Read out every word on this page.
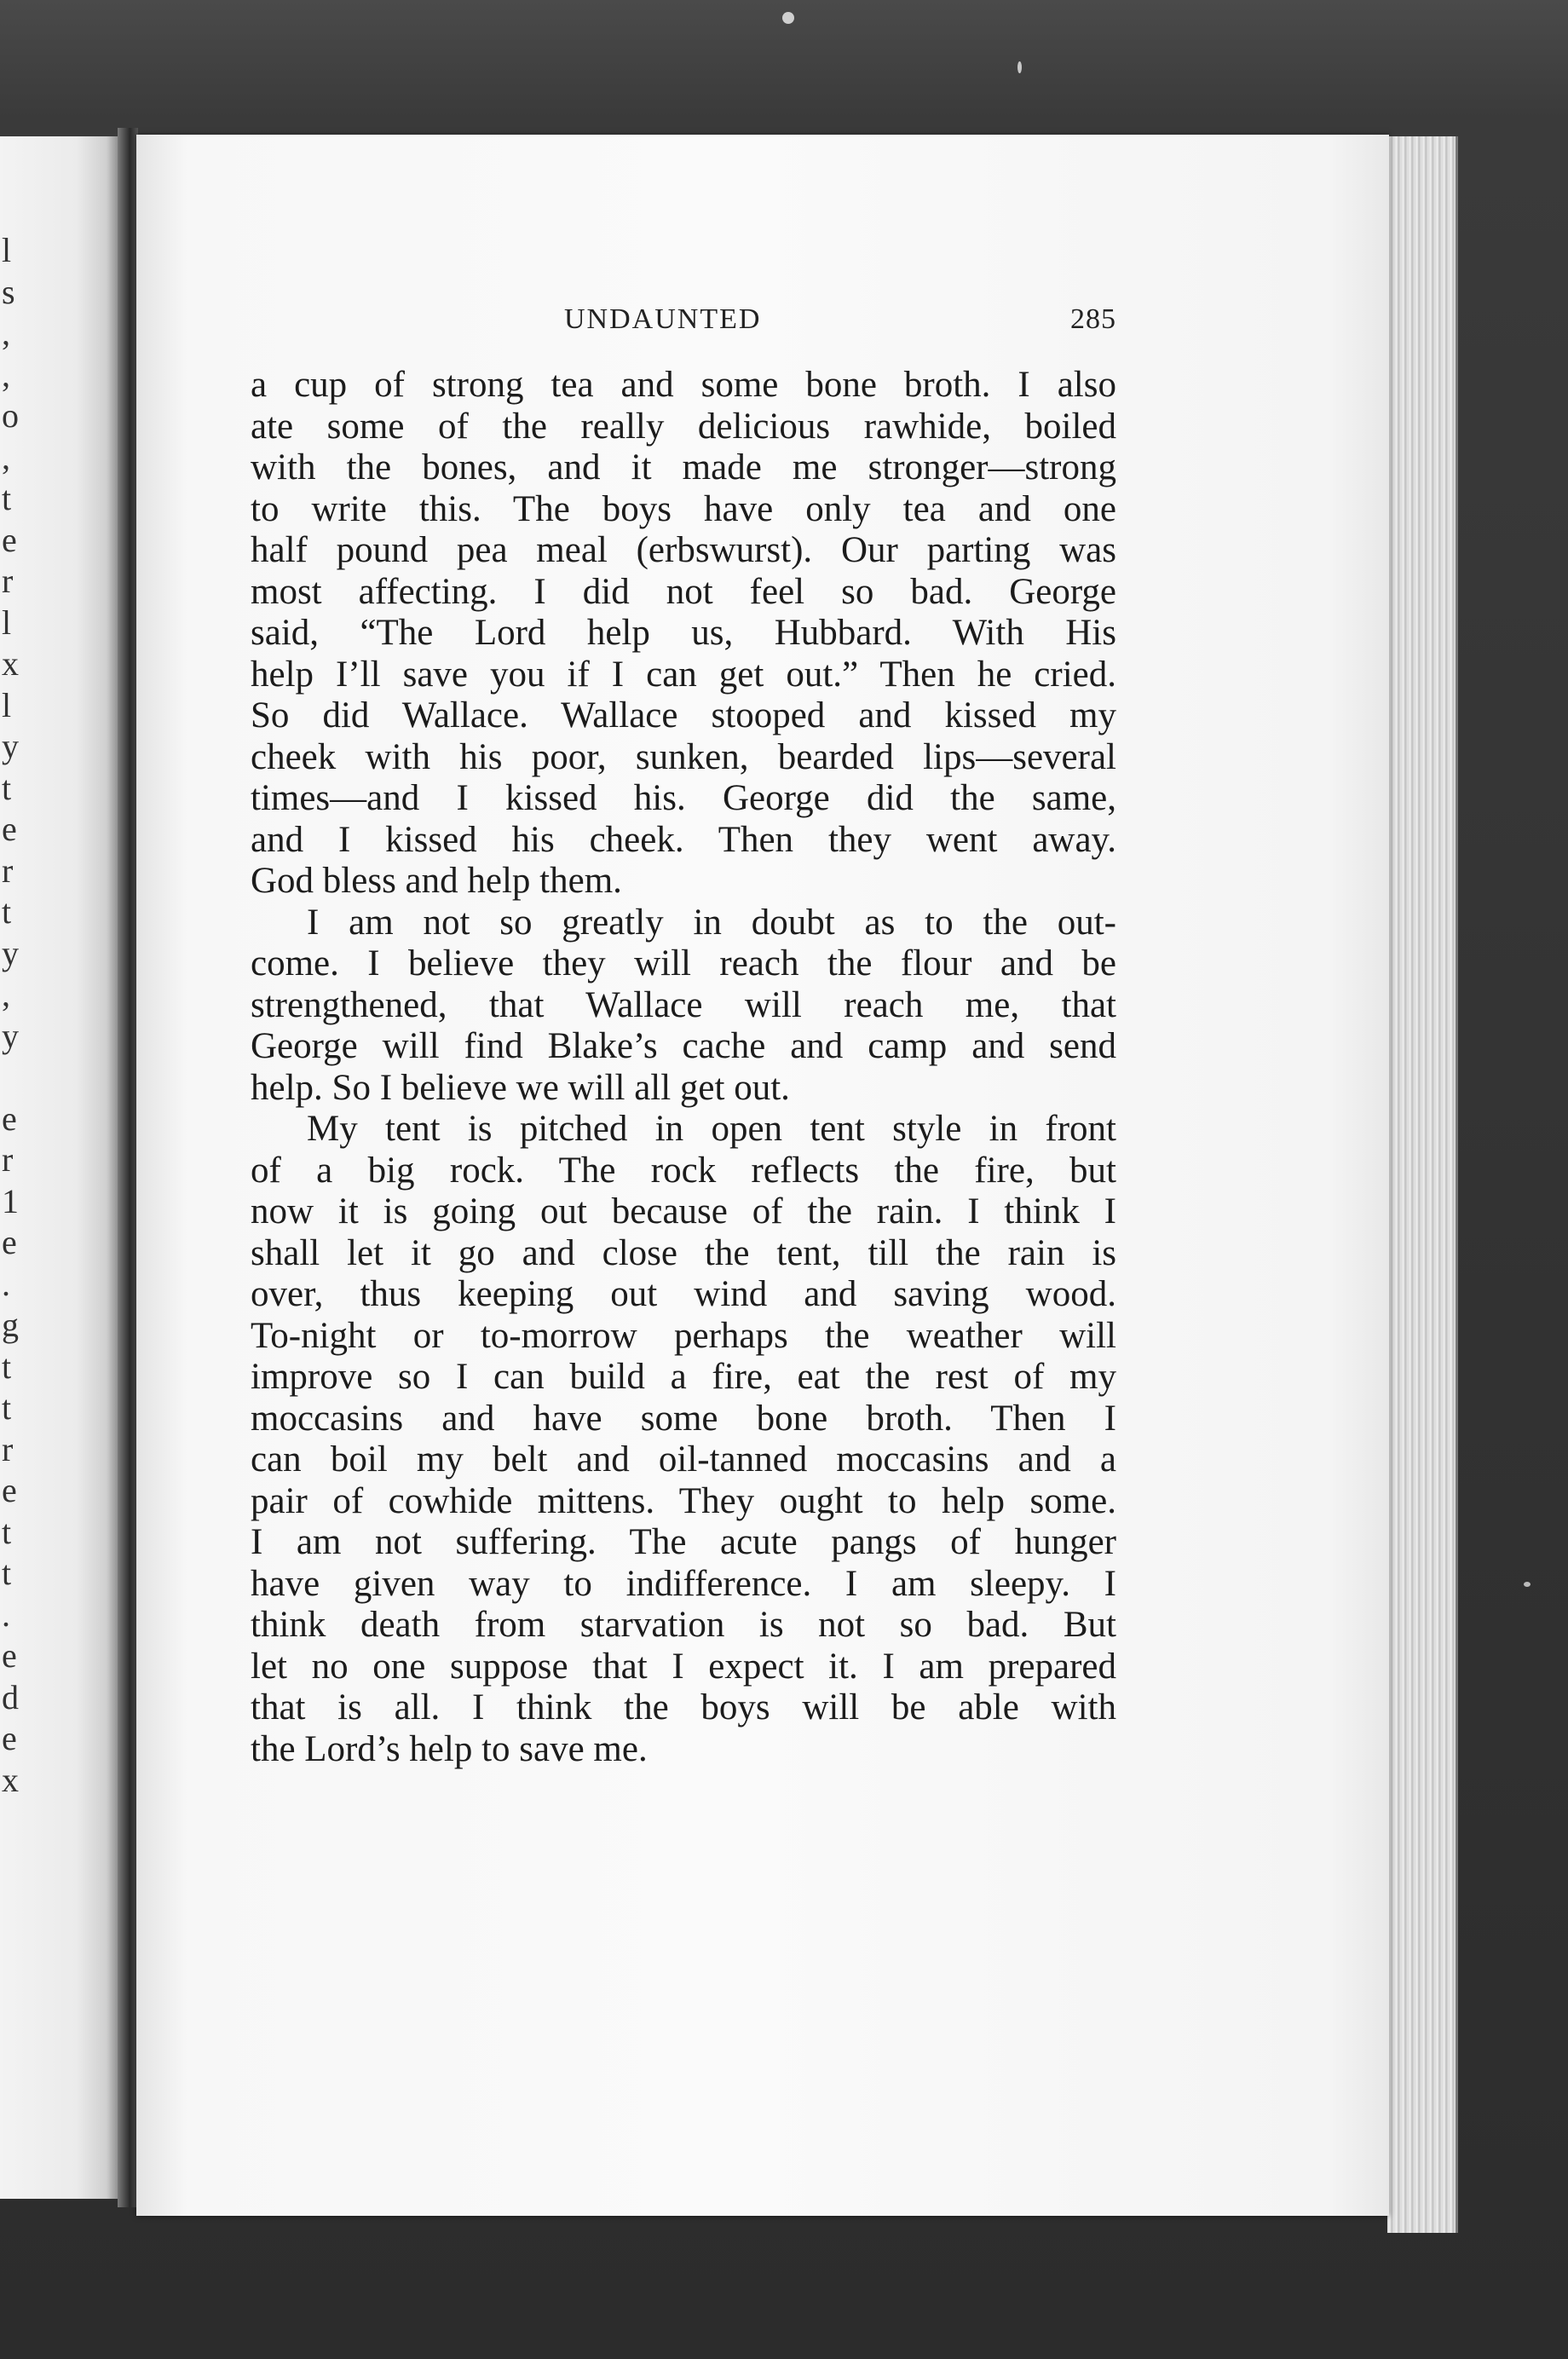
l
s
,
,
o
,
t
e
r
l
x
l
y
t
e
r
t
y
,
y
e
r
1
e
.
g
t
t
r
e
t
t
.
e
d
e
x
UNDAUNTED	285
a cup of strong tea and some bone broth. I also
ate some of the really delicious rawhide, boiled
with the bones, and it made me stronger—strong
to write this. The boys have only tea and one
half pound pea meal (erbswurst). Our parting was
most affecting. I did not feel so bad. George
said, “The Lord help us, Hubbard. With His
help I’ll save you if I can get out.” Then he cried.
So did Wallace. Wallace stooped and kissed my
cheek with his poor, sunken, bearded lips—several
times—and I kissed his. George did the same,
and I kissed his cheek. Then they went away.
God bless and help them.
I am not so greatly in doubt as to the out-
come. I believe they will reach the flour and be
strengthened, that Wallace will reach me, that
George will find Blake’s cache and camp and send
help. So I believe we will all get out.
My tent is pitched in open tent style in front
of a big rock. The rock reflects the fire, but
now it is going out because of the rain. I think I
shall let it go and close the tent, till the rain is
over, thus keeping out wind and saving wood.
To-night or to-morrow perhaps the weather will
improve so I can build a fire, eat the rest of my
moccasins and have some bone broth. Then I
can boil my belt and oil-tanned moccasins and a
pair of cowhide mittens. They ought to help some.
I am not suffering. The acute pangs of hunger
have given way to indifference. I am sleepy. I
think death from starvation is not so bad. But
let no one suppose that I expect it. I am prepared
that is all. I think the boys will be able with
the Lord’s help to save me.
